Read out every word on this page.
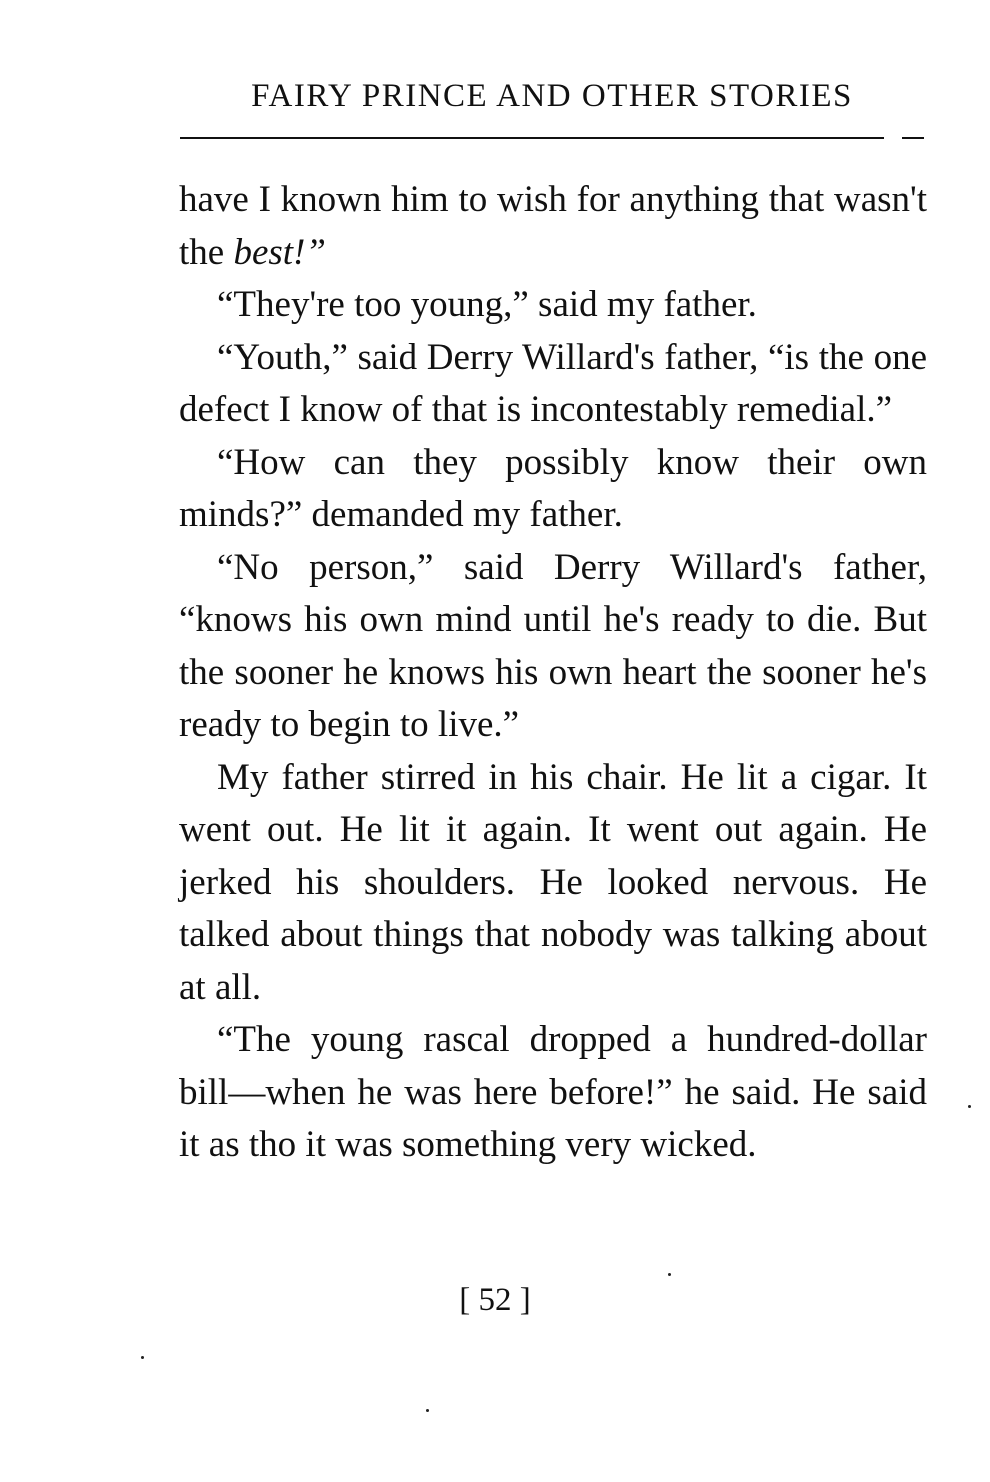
FAIRY PRINCE AND OTHER STORIES

have I known him to wish for anything that wasn't the best!”

“They're too young,” said my father.

“Youth,” said Derry Willard's father, “is the one defect I know of that is incontestably remedial.”

“How can they possibly know their own minds?” demanded my father.

“No person,” said Derry Willard's father, “knows his own mind until he's ready to die. But the sooner he knows his own heart the sooner he's ready to begin to live.”

My father stirred in his chair. He lit a cigar. It went out. He lit it again. It went out again. He jerked his shoulders. He looked nervous. He talked about things that nobody was talking about at all.

“The young rascal dropped a hundred-dollar bill—when he was here before!” he said. He said it as tho it was something very wicked.

[ 52 ]
